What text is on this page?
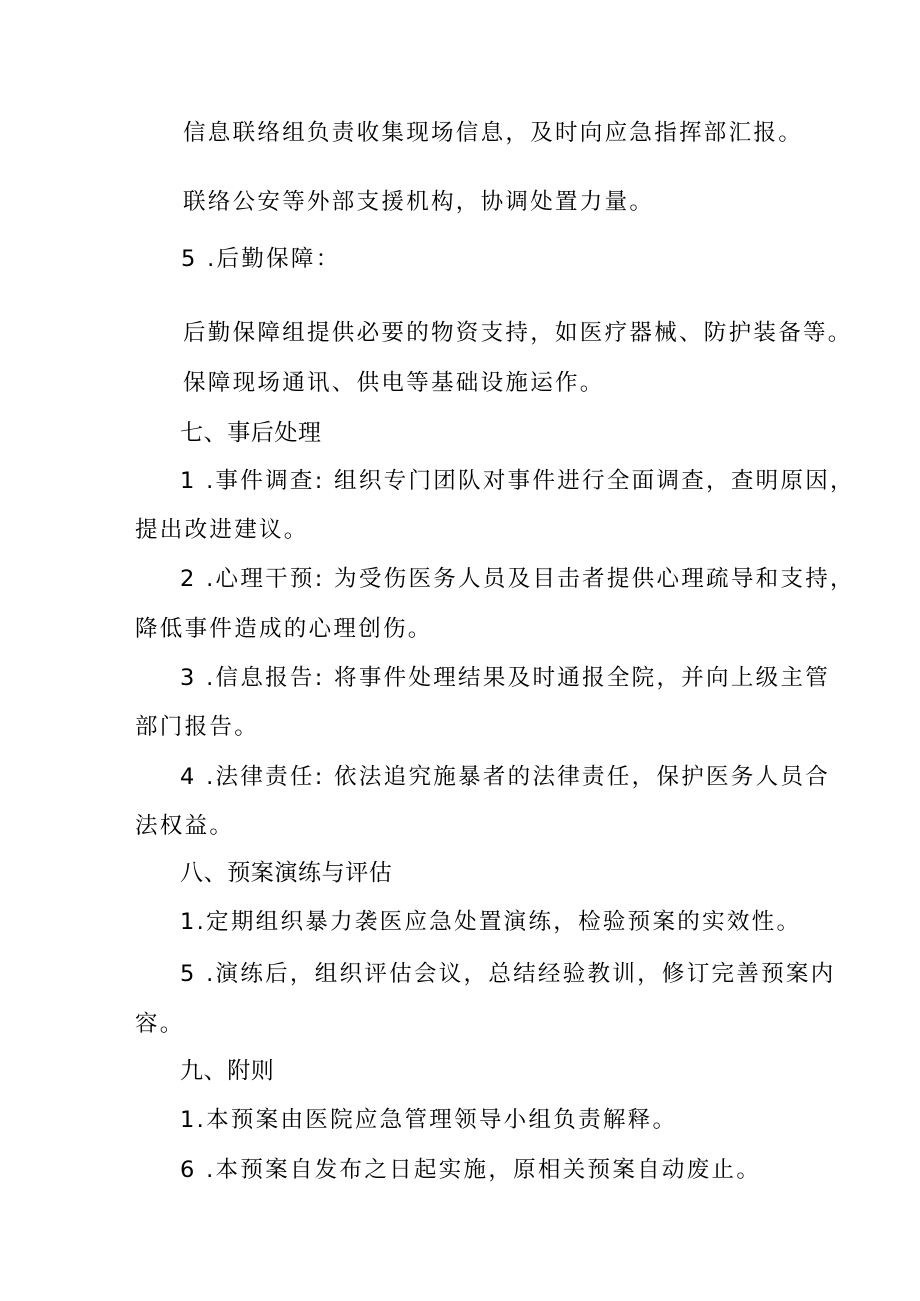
信息联络组负责收集现场信息，及时向应急指挥部汇报。
联络公安等外部支援机构，协调处置力量。
5 .后勤保障：
后勤保障组提供必要的物资支持，如医疗器械、防护装备等。
保障现场通讯、供电等基础设施运作。
七、事后处理
1 .事件调查: 组织专门团队对事件进行全面调查，查明原因，
提出改进建议。
2 .心理干预: 为受伤医务人员及目击者提供心理疏导和支持，
降低事件造成的心理创伤。
3 .信息报告: 将事件处理结果及时通报全院，并向上级主管
部门报告。
4 .法律责任: 依法追究施暴者的法律责任，保护医务人员合
法权益。
八、预案演练与评估
1.定期组织暴力袭医应急处置演练，检验预案的实效性。
5 .演练后，组织评估会议，总结经验教训，修订完善预案内
容。
九、附则
1.本预案由医院应急管理领导小组负责解释。
6 .本预案自发布之日起实施，原相关预案自动废止。
